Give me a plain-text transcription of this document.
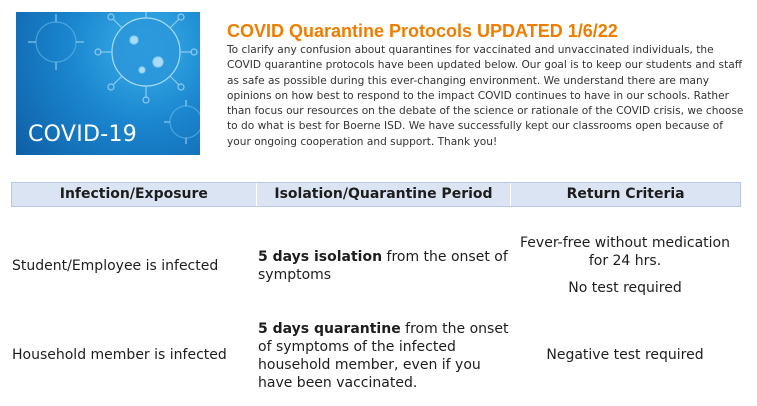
COVID-19
COVID Quarantine Protocols UPDATED 1/6/22
To clarify any confusion about quarantines for vaccinated and unvaccinated individuals, the COVID quarantine protocols have been updated below. Our goal is to keep our students and staff as safe as possible during this ever-changing environment. We understand there are many opinions on how best to respond to the impact COVID continues to have in our schools. Rather than focus our resources on the debate of the science or rationale of the COVID crisis, we choose to do what is best for Boerne ISD. We have successfully kept our classrooms open because of your ongoing cooperation and support. Thank you!
Infection/Exposure	Isolation/Quarantine Period	Return Criteria
Student/Employee is infected
5 days isolation from the onset of symptoms
Fever-free without medication for 24 hrs.
No test required
Household member is infected
5 days quarantine from the onset of symptoms of the infected household member, even if you have been vaccinated.
Negative test required
